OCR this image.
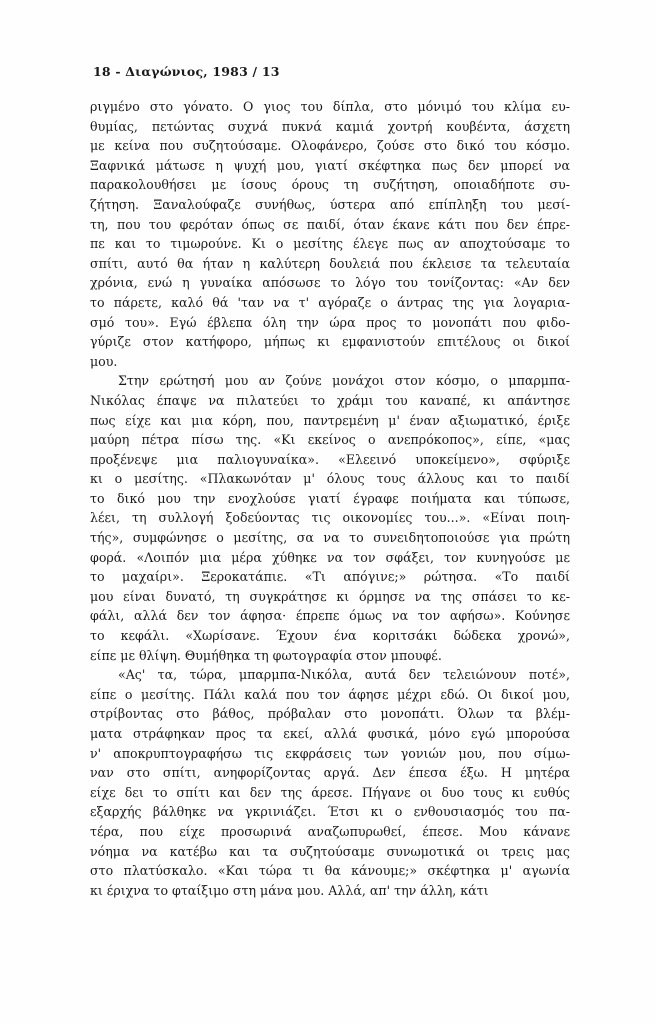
18 - Διαγώνιος, 1983 / 13
ριγμένο στο γόνατο. Ο γιος του δίπλα, στο μόνιμό του κλίμα ευ-
θυμίας, πετώντας συχνά πυκνά καμιά χοντρή κουβέντα, άσχετη
με κείνα που συζητούσαμε. Ολοφάνερο, ζούσε στο δικό του κόσμο.
Ξαφνικά μάτωσε η ψυχή μου, γιατί σκέφτηκα πως δεν μπορεί να
παρακολουθήσει με ίσους όρους τη συζήτηση, οποιαδήποτε συ-
ζήτηση. Ξαναλούφαζε συνήθως, ύστερα από επίπληξη του μεσί-
τη, που του φερόταν όπως σε παιδί, όταν έκανε κάτι που δεν έπρε-
πε και το τιμωρούνε. Κι ο μεσίτης έλεγε πως αν αποχτούσαμε το
σπίτι, αυτό θα ήταν η καλύτερη δουλειά που έκλεισε τα τελευταία
χρόνια, ενώ η γυναίκα απόσωσε το λόγο του τονίζοντας: «Αν δεν
το πάρετε, καλό θά 'ταν να τ' αγόραζε ο άντρας της για λογαρια-
σμό του». Εγώ έβλεπα όλη την ώρα προς το μονοπάτι που φιδο-
γύριζε στον κατήφορο, μήπως κι εμφανιστούν επιτέλους οι δικοί
μου.
Στην ερώτησή μου αν ζούνε μονάχοι στον κόσμο, ο μπαρμπα-
Νικόλας έπαψε να πιλατεύει το χράμι του καναπέ, κι απάντησε
πως είχε και μια κόρη, που, παντρεμένη μ' έναν αξιωματικό, έριξε
μαύρη πέτρα πίσω της. «Κι εκείνος ο ανεπρόκοπος», είπε, «μας
προξένεψε μια παλιογυναίκα». «Ελεεινό υποκείμενο», σφύριξε
κι ο μεσίτης. «Πλακωνόταν μ' όλους τους άλλους και το παιδί
το δικό μου την ενοχλούσε γιατί έγραφε ποιήματα και τύπωσε,
λέει, τη συλλογή ξοδεύοντας τις οικονομίες του...». «Είναι ποιη-
τής», συμφώνησε ο μεσίτης, σα να το συνειδητοποιούσε για πρώτη
φορά. «Λοιπόν μια μέρα χύθηκε να τον σφάξει, τον κυνηγούσε με
το μαχαίρι». Ξεροκατάπιε. «Τι απόγινε;» ρώτησα. «Το παιδί
μου είναι δυνατό, τη συγκράτησε κι όρμησε να της σπάσει το κε-
φάλι, αλλά δεν τον άφησα· έπρεπε όμως να τον αφήσω». Κούνησε
το κεφάλι. «Χωρίσανε. Έχουν ένα κοριτσάκι δώδεκα χρονώ»,
είπε με θλίψη. Θυμήθηκα τη φωτογραφία στον μπουφέ.
«Ας' τα, τώρα, μπαρμπα-Νικόλα, αυτά δεν τελειώνουν ποτέ»,
είπε ο μεσίτης. Πάλι καλά που τον άφησε μέχρι εδώ. Οι δικοί μου,
στρίβοντας στο βάθος, πρόβαλαν στο μονοπάτι. Όλων τα βλέμ-
ματα στράφηκαν προς τα εκεί, αλλά φυσικά, μόνο εγώ μπορούσα
ν' αποκρυπτογραφήσω τις εκφράσεις των γονιών μου, που σίμω-
ναν στο σπίτι, ανηφορίζοντας αργά. Δεν έπεσα έξω. Η μητέρα
είχε δει το σπίτι και δεν της άρεσε. Πήγανε οι δυο τους κι ευθύς
εξαρχής βάλθηκε να γκρινιάζει. Έτσι κι ο ενθουσιασμός του πα-
τέρα, που είχε προσωρινά αναζωπυρωθεί, έπεσε. Μου κάνανε
νόημα να κατέβω και τα συζητούσαμε συνωμοτικά οι τρεις μας
στο πλατύσκαλο. «Και τώρα τι θα κάνουμε;» σκέφτηκα μ' αγωνία
κι έριχνα το φταίξιμο στη μάνα μου. Αλλά, απ' την άλλη, κάτι
